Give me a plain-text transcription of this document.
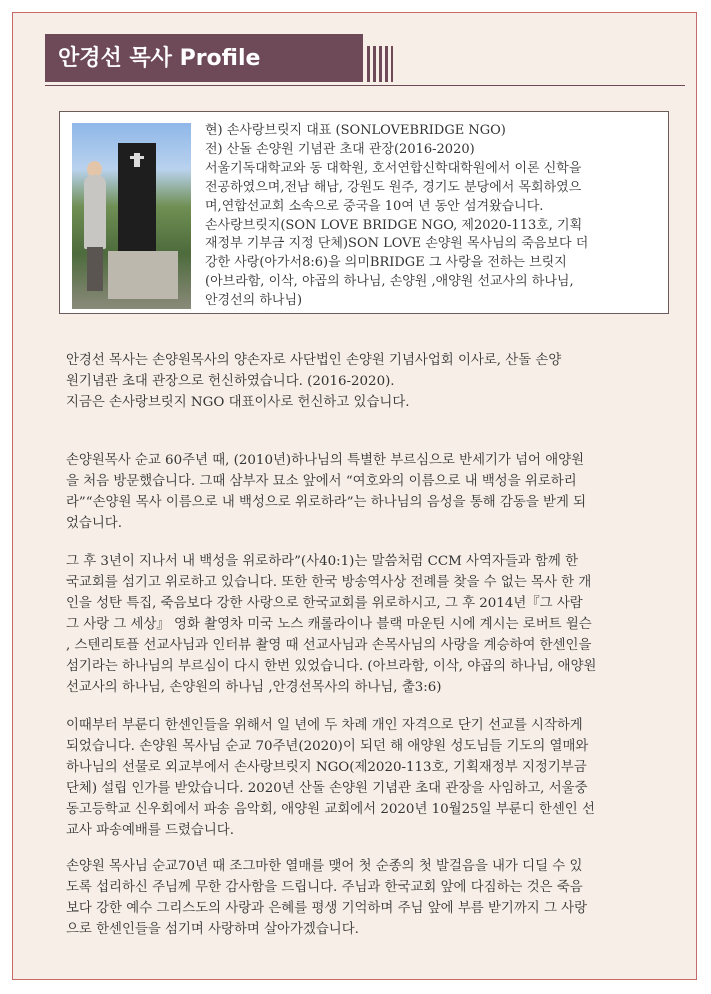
안경선 목사 Profile
현) 손사랑브릿지 대표 (SONLOVEBRIDGE NGO)
전) 산돌 손양원 기념관 초대 관장(2016-2020)
서울기독대학교와 동 대학원, 호서연합신학대학원에서 이론 신학을
전공하였으며,전남 해남, 강원도 원주, 경기도 분당에서 목회하였으
며,연합선교회 소속으로 중국을 10여 년 동안 섬겨왔습니다.
손사랑브릿지(SON LOVE BRIDGE NGO, 제2020-113호, 기획
재정부 기부금 지정 단체)SON LOVE 손양원 목사님의 죽음보다 더
강한 사랑(아가서8:6)을 의미BRIDGE 그 사랑을 전하는 브릿지
(아브라함, 이삭, 야곱의 하나님, 손양원 ,애양원 선교사의 하나님,
안경선의 하나님)
안경선 목사는 손양원목사의 양손자로 사단법인 손양원 기념사업회 이사로, 산돌 손양
원기념관 초대 관장으로 헌신하였습니다. (2016-2020).
지금은 손사랑브릿지 NGO 대표이사로 헌신하고 있습니다.
손양원목사 순교 60주년 때, (2010년)하나님의 특별한 부르심으로 반세기가 넘어 애양원
을 처음 방문했습니다. 그때 삼부자 묘소 앞에서 “여호와의 이름으로 내 백성을 위로하리
라”“손양원 목사 이름으로 내 백성으로 위로하라”는 하나님의 음성을 통해 감동을 받게 되
었습니다.
그 후 3년이 지나서 내 백성을 위로하라”(사40:1)는 말씀처럼 CCM 사역자들과 함께 한
국교회를 섬기고 위로하고 있습니다. 또한 한국 방송역사상 전례를 찾을 수 없는 목사 한 개
인을 성탄 특집, 죽음보다 강한 사랑으로 한국교회를 위로하시고, 그 후 2014년『그 사람
그 사랑 그 세상』 영화 촬영차 미국 노스 캐롤라이나 블랙 마운틴 시에 계시는 로버트 윌슨
, 스텐리토플 선교사님과 인터뷰 촬영 때 선교사님과 손목사님의 사랑을 계승하여 한센인을
섬기라는 하나님의 부르심이 다시 한번 있었습니다. (아브라함, 이삭, 야곱의 하나님, 애양원
선교사의 하나님, 손양원의 하나님 ,안경선목사의 하나님, 출3:6)
이때부터 부룬디 한센인들을 위해서 일 년에 두 차례 개인 자격으로 단기 선교를 시작하게
되었습니다. 손양원 목사님 순교 70주년(2020)이 되던 해 애양원 성도님들 기도의 열매와
하나님의 선물로 외교부에서 손사랑브릿지 NGO(제2020-113호, 기획재정부 지정기부금
단체) 설립 인가를 받았습니다. 2020년 산돌 손양원 기념관 초대 관장을 사임하고, 서울중
동고등학교 신우회에서 파송 음악회, 애양원 교회에서 2020년 10월25일 부룬디 한센인 선
교사 파송예배를 드렸습니다.
손양원 목사님 순교70년 때 조그마한 열매를 맺어 첫 순종의 첫 발걸음을 내가 디딜 수 있
도록 섭리하신 주님께 무한 감사함을 드립니다. 주님과 한국교회 앞에 다짐하는 것은 죽음
보다 강한 예수 그리스도의 사랑과 은혜를 평생 기억하며 주님 앞에 부름 받기까지 그 사랑
으로 한센인들을 섬기며 사랑하며 살아가겠습니다.
